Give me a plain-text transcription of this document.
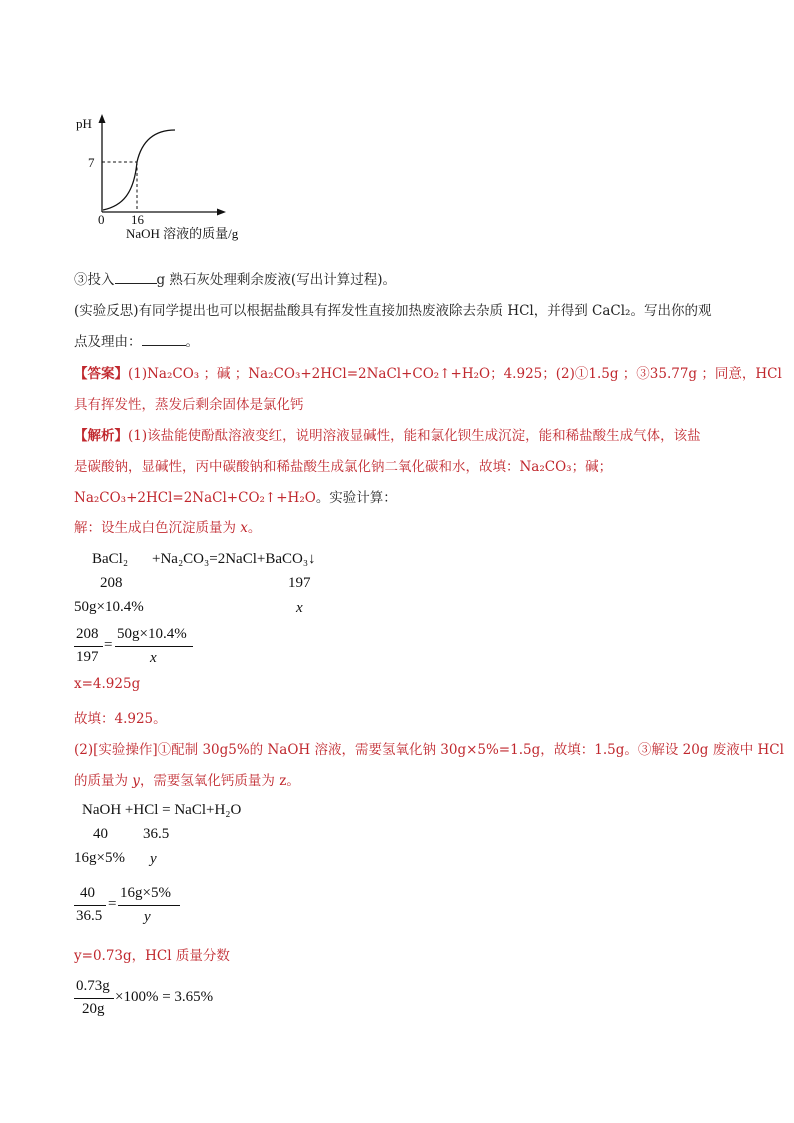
pH
7
0 16
NaOH 溶液的质量/g
③投入	g 熟石灰处理剩余废液(写出计算过程)。
(实验反思)有同学提出也可以根据盐酸具有挥发性直接加热废液除去杂质 HCl，并得到 CaCl₂。写出你的观
点及理由：	。
【答案】(1)Na₂CO₃ ；碱 ；Na₂CO₃+2HCl=2NaCl+CO₂↑+H₂O；4.925；(2)①1.5g ；③35.77g ；同意，HCl
具有挥发性，蒸发后剩余固体是氯化钙
【解析】(1)该盐能使酚酞溶液变红，说明溶液显碱性，能和氯化钡生成沉淀，能和稀盐酸生成气体，该盐
是碳酸钠，显碱性，丙中碳酸钠和稀盐酸生成氯化钠二氧化碳和水，故填：Na₂CO₃；碱；
Na₂CO₃+2HCl=2NaCl+CO₂↑+H₂O。实验计算：
解：设生成白色沉淀质量为 x。
BaCl₂ +Na₂CO₃=2NaCl+BaCO₃↓
208	197
50g×10.4%	x
208
197
=
50g×10.4%
x
x=4.925g
故填：4.925。
(2)[实验操作]①配制 30g5%的 NaOH 溶液，需要氢氧化钠 30g×5%=1.5g，故填：1.5g。③解设 20g 废液中 HCl
的质量为 y，需要氢氧化钙质量为 z。
NaOH +HCl = NaCl+H₂O
40 36.5
16g×5% y
40
36.5
=
16g×5%
y
y=0.73g，HCl 质量分数
0.73g
20g
×100% = 3.65%
